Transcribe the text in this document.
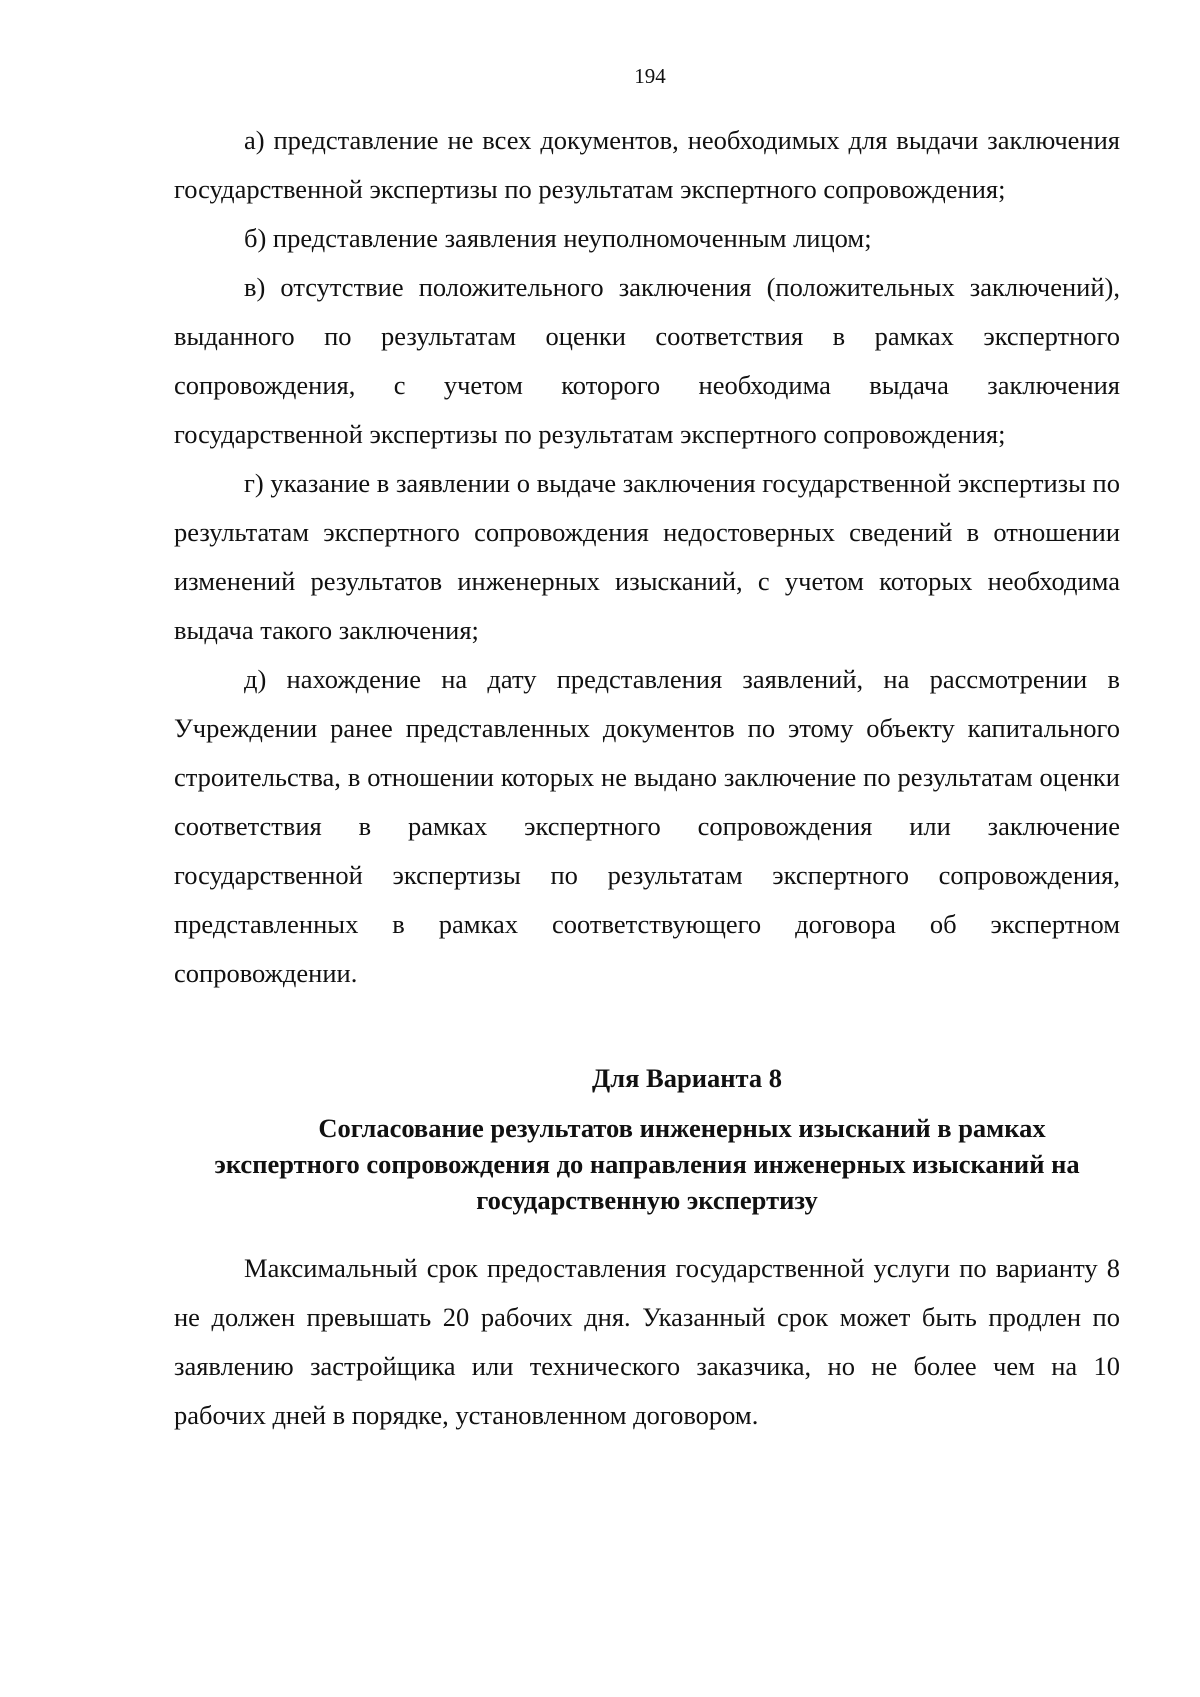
194

а) представление не всех документов, необходимых для выдачи заключения государственной экспертизы по результатам экспертного сопровождения;

б) представление заявления неуполномоченным лицом;

в) отсутствие положительного заключения (положительных заключений), выданного по результатам оценки соответствия в рамках экспертного сопровождения, с учетом которого необходима выдача заключения государственной экспертизы по результатам экспертного сопровождения;

г) указание в заявлении о выдаче заключения государственной экспертизы по результатам экспертного сопровождения недостоверных сведений в отношении изменений результатов инженерных изысканий, с учетом которых необходима выдача такого заключения;

д) нахождение на дату представления заявлений, на рассмотрении в Учреждении ранее представленных документов по этому объекту капитального строительства, в отношении которых не выдано заключение по результатам оценки соответствия в рамках экспертного сопровождения или заключение государственной экспертизы по результатам экспертного сопровождения, представленных в рамках соответствующего договора об экспертном сопровождении.

Для Варианта 8
Согласование результатов инженерных изысканий в рамках
экспертного сопровождения до направления инженерных изысканий на
государственную экспертизу

Максимальный срок предоставления государственной услуги по варианту 8 не должен превышать 20 рабочих дня. Указанный срок может быть продлен по заявлению застройщика или технического заказчика, но не более чем на 10 рабочих дней в порядке, установленном договором.
